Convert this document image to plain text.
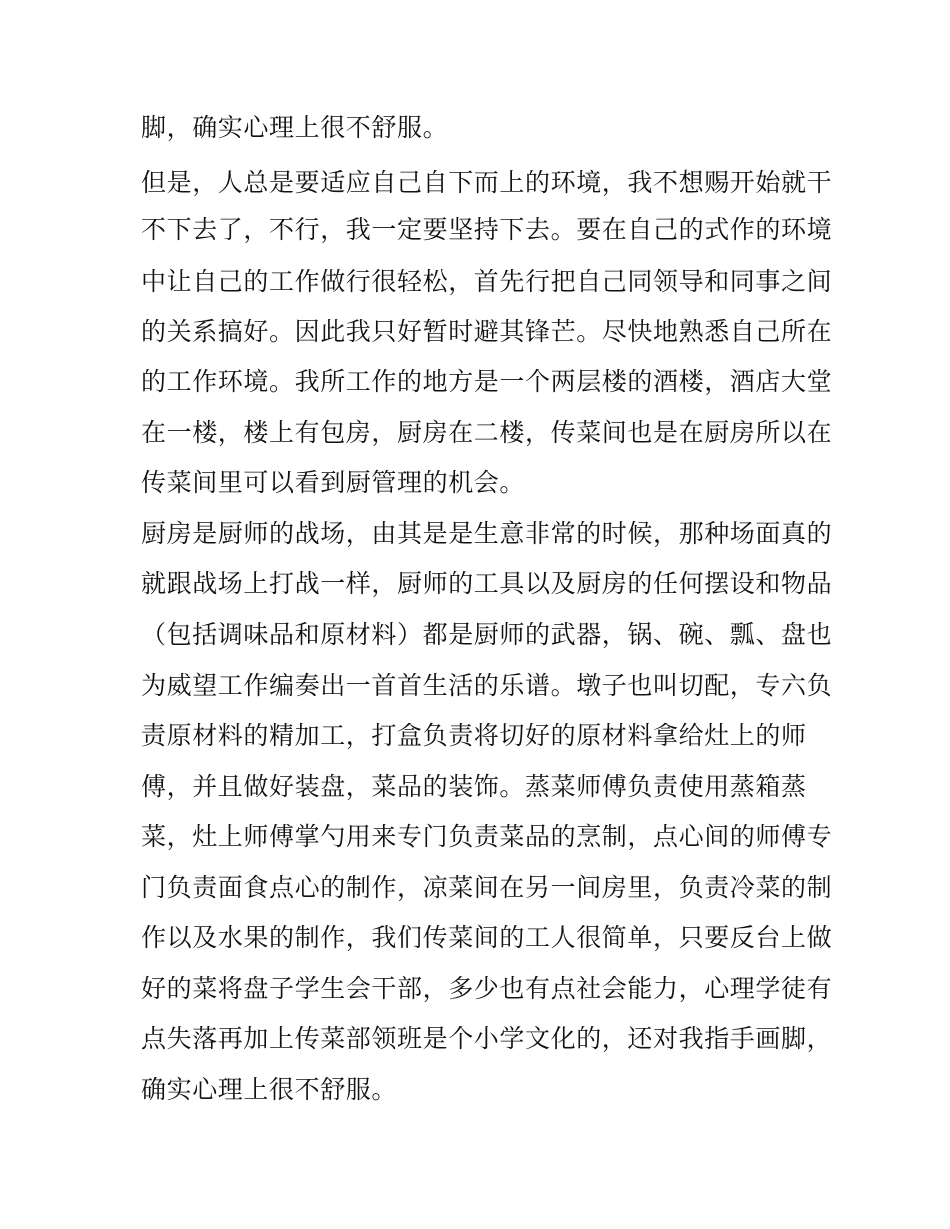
脚，确实心理上很不舒服。
但是，人总是要适应自己自下而上的环境，我不想赐开始就干
不下去了，不行，我一定要坚持下去。要在自己的式作的环境
中让自己的工作做行很轻松，首先行把自己同领导和同事之间
的关系搞好。因此我只好暂时避其锋芒。尽快地熟悉自己所在
的工作环境。我所工作的地方是一个两层楼的酒楼，酒店大堂
在一楼，楼上有包房，厨房在二楼，传菜间也是在厨房所以在
传菜间里可以看到厨管理的机会。
厨房是厨师的战场，由其是是生意非常的时候，那种场面真的
就跟战场上打战一样，厨师的工具以及厨房的任何摆设和物品
（包括调味品和原材料）都是厨师的武器，锅、碗、瓢、盘也
为威望工作编奏出一首首生活的乐谱。墩子也叫切配，专六负
责原材料的精加工，打盒负责将切好的原材料拿给灶上的师
傅，并且做好装盘，菜品的装饰。蒸菜师傅负责使用蒸箱蒸
菜，灶上师傅掌勺用来专门负责菜品的烹制，点心间的师傅专
门负责面食点心的制作，凉菜间在另一间房里，负责冷菜的制
作以及水果的制作，我们传菜间的工人很简单，只要反台上做
好的菜将盘子学生会干部，多少也有点社会能力，心理学徒有
点失落再加上传菜部领班是个小学文化的，还对我指手画脚，
确实心理上很不舒服。
